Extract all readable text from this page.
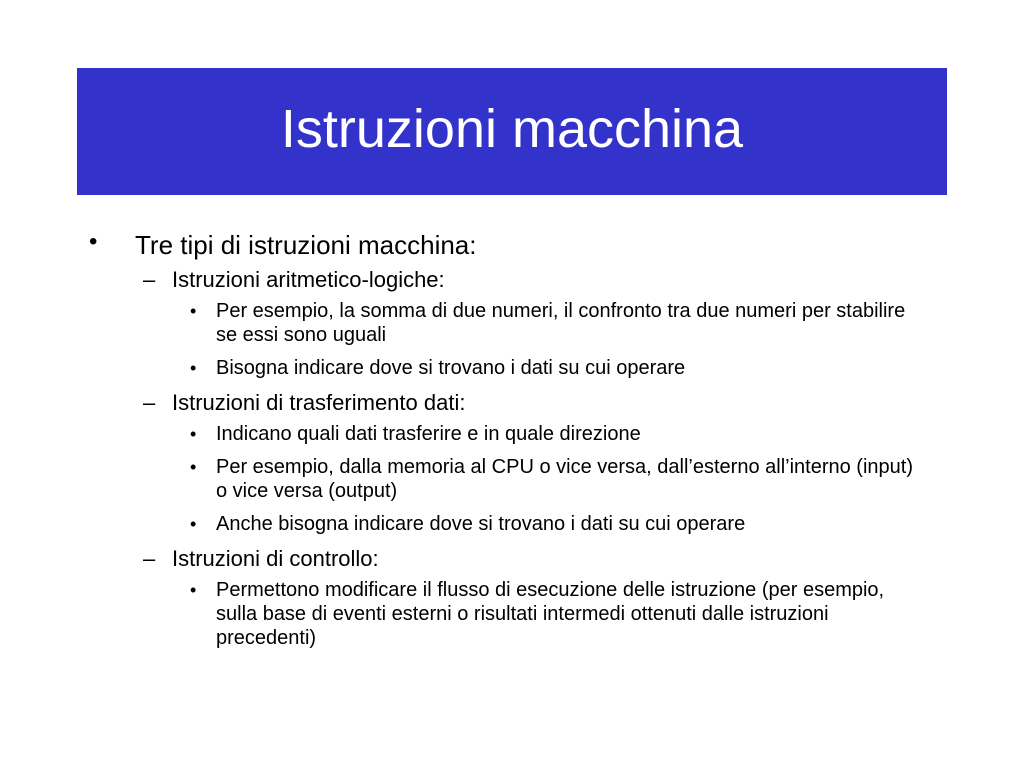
Istruzioni macchina
• Tre tipi di istruzioni macchina:
– Istruzioni aritmetico-logiche:
• Per esempio, la somma di due numeri, il confronto tra due numeri per stabilire se essi sono uguali
• Bisogna indicare dove si trovano i dati su cui operare
– Istruzioni di trasferimento dati:
• Indicano quali dati trasferire e in quale direzione
• Per esempio, dalla memoria al CPU o vice versa, dall’esterno all’interno (input) o vice versa (output)
• Anche bisogna indicare dove si trovano i dati su cui operare
– Istruzioni di controllo:
• Permettono modificare il flusso di esecuzione delle istruzione (per esempio, sulla base di eventi esterni o risultati intermedi ottenuti dalle istruzioni precedenti)
